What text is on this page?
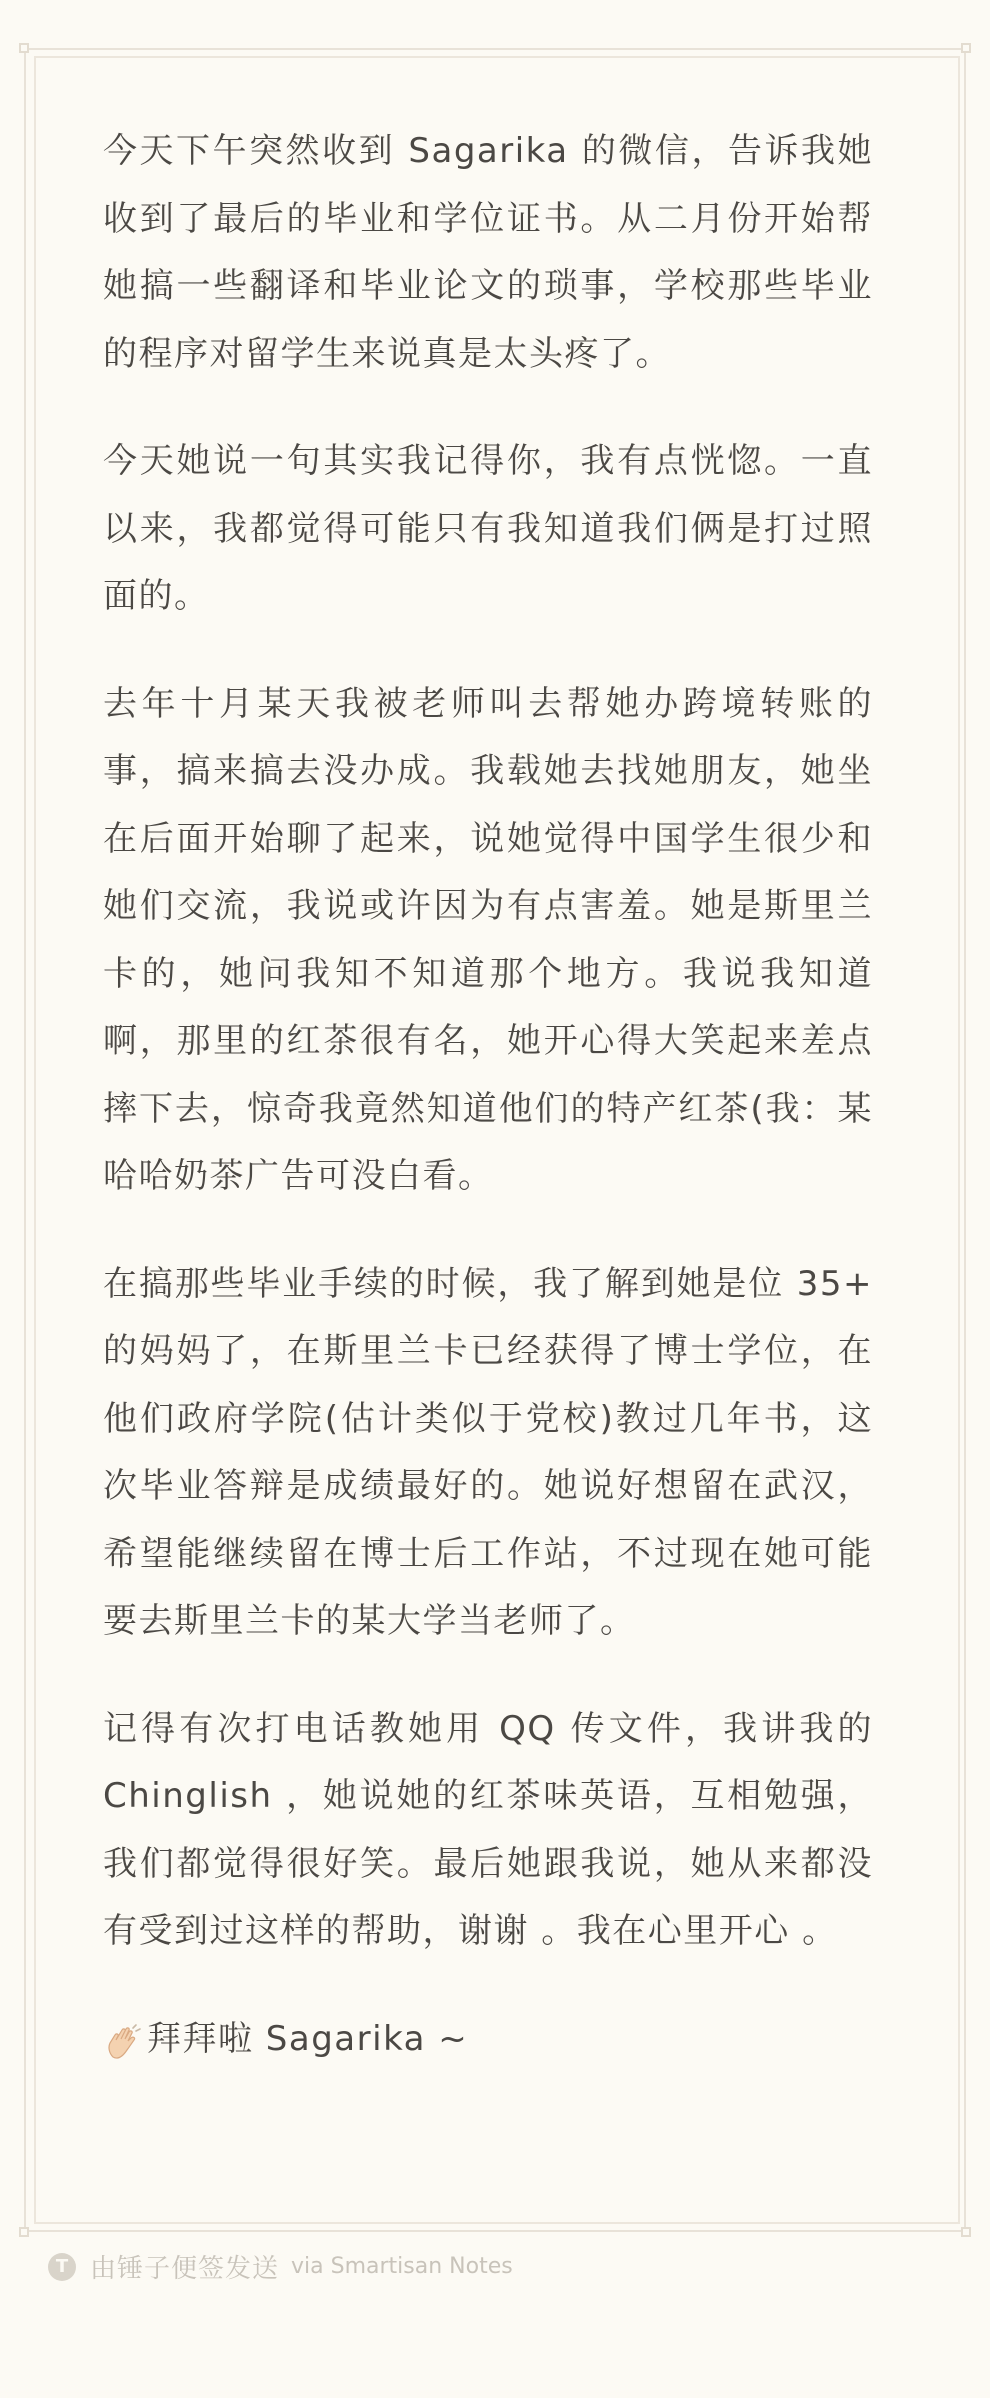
今天下午突然收到 Sagarika 的微信，告诉我她收到了最后的毕业和学位证书。从二月份开始帮她搞一些翻译和毕业论文的琐事，学校那些毕业的程序对留学生来说真是太头疼了。

今天她说一句其实我记得你，我有点恍惚。一直以来，我都觉得可能只有我知道我们俩是打过照面的。

去年十月某天我被老师叫去帮她办跨境转账的事，搞来搞去没办成。我载她去找她朋友，她坐在后面开始聊了起来，说她觉得中国学生很少和她们交流，我说或许因为有点害羞。她是斯里兰卡的，她问我知不知道那个地方。我说我知道啊，那里的红茶很有名，她开心得大笑起来差点摔下去，惊奇我竟然知道他们的特产红茶(我：某哈哈奶茶广告可没白看。

在搞那些毕业手续的时候，我了解到她是位 35+ 的妈妈了，在斯里兰卡已经获得了博士学位，在他们政府学院(估计类似于党校)教过几年书，这次毕业答辩是成绩最好的。她说好想留在武汉，希望能继续留在博士后工作站，不过现在她可能要去斯里兰卡的某大学当老师了。

记得有次打电话教她用 QQ 传文件，我讲我的 Chinglish ，她说她的红茶味英语，互相勉强，我们都觉得很好笑。最后她跟我说，她从来都没有受到过这样的帮助，谢谢 。我在心里开心 。

拜拜啦 Sagarika ~
T 由锤子便签发送 via Smartisan Notes
